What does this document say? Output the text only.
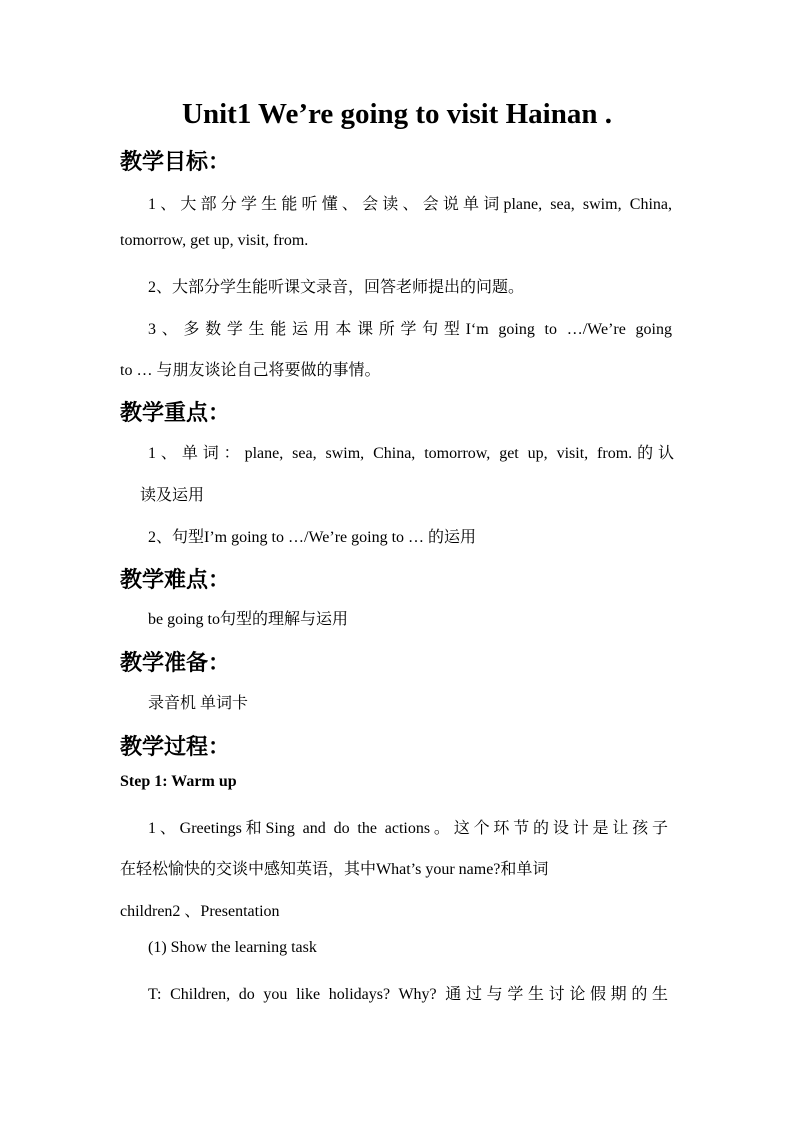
Unit1 We’re going to visit Hainan .
教学目标：
1、大部分学生能听懂、会读、会说单词plane, sea, swim, China,
tomorrow, get up, visit, from.
2、大部分学生能听课文录音，回答老师提出的问题。
3、多数学生能运用本课所学句型I‘m going to …/We’re going
to … 与朋友谈论自己将要做的事情。
教学重点：
1、单词：plane, sea, swim, China, tomorrow, get up, visit, from.的认
读及运用
2、句型I’m going to …/We’re going to … 的运用
教学难点：
be going to句型的理解与运用
教学准备：
录音机 单词卡
教学过程：
Step 1: Warm up
1、Greetings和Sing and do the actions。这个环节的设计是让孩子
在轻松愉快的交谈中感知英语，其中What’s your name?和单词
children2 、Presentation
(1) Show the learning task
T: Children, do you like holidays? Why? 通过与学生讨论假期的生
